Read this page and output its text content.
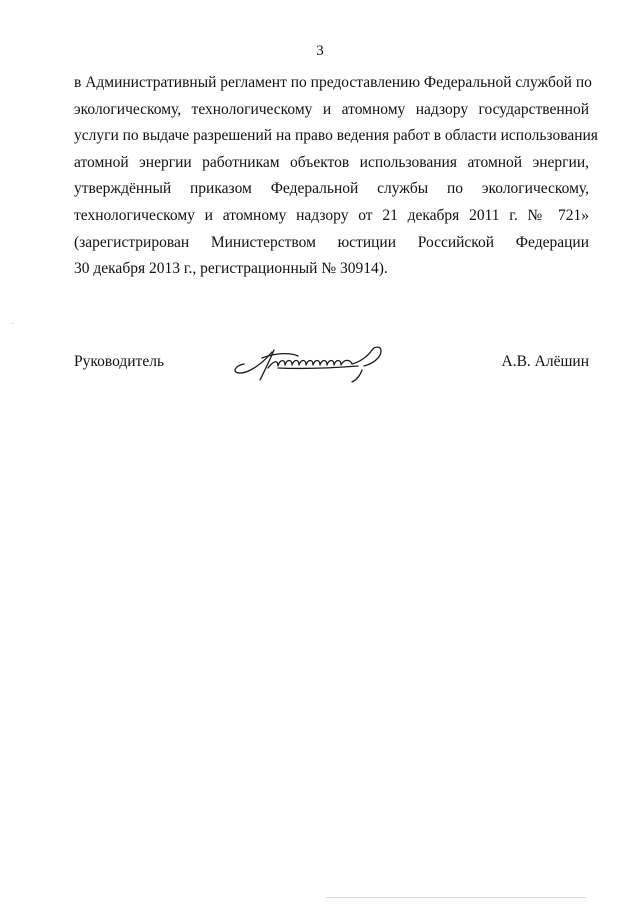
3
в Административный регламент по предоставлению Федеральной службой по
экологическому, технологическому и атомному надзору государственной
услуги по выдаче разрешений на право ведения работ в области использования
атомной энергии работникам объектов использования атомной энергии,
утверждённый приказом Федеральной службы по экологическому,
технологическому и атомному надзору от 21 декабря 2011 г. № 721»
(зарегистрирован Министерством юстиции Российской Федерации
30 декабря 2013 г., регистрационный № 30914).
Руководитель	А.В. Алёшин
